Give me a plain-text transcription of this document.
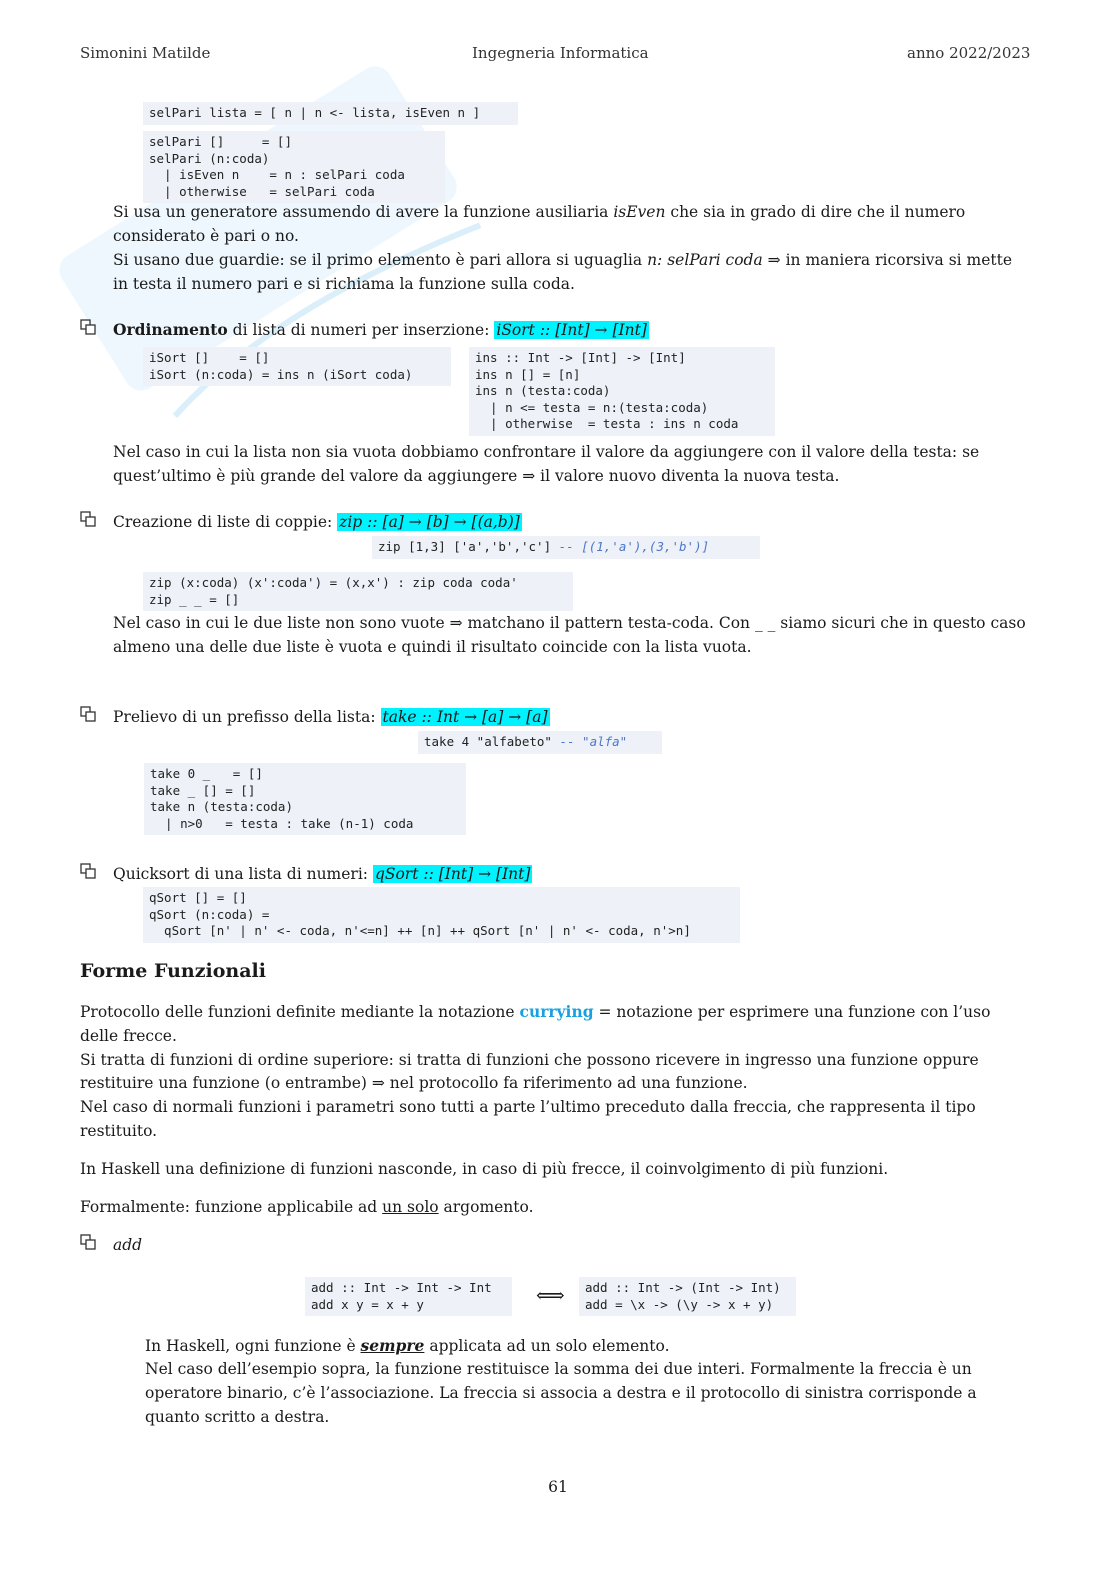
Simonini Matilde	Ingegneria Informatica	anno 2022/2023
selPari lista = [ n | n <- lista, isEven n ]
selPari []     = []
selPari (n:coda)
| isEven n    = n : selPari coda
| otherwise   = selPari coda
Si usa un generatore assumendo di avere la funzione ausiliaria isEven che sia in grado di dire che il numero
considerato è pari o no.
Si usano due guardie: se il primo elemento è pari allora si uguaglia n: selPari coda ⇒ in maniera ricorsiva si mette
in testa il numero pari e si richiama la funzione sulla coda.
Ordinamento di lista di numeri per inserzione: iSort :: [Int] → [Int]
iSort []    = []
iSort (n:coda) = ins n (iSort coda)
ins :: Int -> [Int] -> [Int]
ins n [] = [n]
ins n (testa:coda)
| n <= testa = n:(testa:coda)
| otherwise  = testa : ins n coda
Nel caso in cui la lista non sia vuota dobbiamo confrontare il valore da aggiungere con il valore della testa: se
quest’ultimo è più grande del valore da aggiungere ⇒ il valore nuovo diventa la nuova testa.
Creazione di liste di coppie: zip :: [a] → [b] → [(a,b)]
zip [1,3] ['a','b','c'] -- [(1,'a'),(3,'b')]
zip (x:coda) (x':coda') = (x,x') : zip coda coda'
zip _ _ = []
Nel caso in cui le due liste non sono vuote ⇒ matchano il pattern testa-coda. Con _ _ siamo sicuri che in questo caso
almeno una delle due liste è vuota e quindi il risultato coincide con la lista vuota.
Prelievo di un prefisso della lista: take :: Int → [a] → [a]
take 4 "alfabeto" -- "alfa"
take 0 _   = []
take _ [] = []
take n (testa:coda)
| n>0   = testa : take (n-1) coda
Quicksort di una lista di numeri: qSort :: [Int] → [Int]
qSort [] = []
qSort (n:coda) =
qSort [n' | n' <- coda, n'<=n] ++ [n] ++ qSort [n' | n' <- coda, n'>n]
Forme Funzionali
Protocollo delle funzioni definite mediante la notazione currying = notazione per esprimere una funzione con l’uso
delle frecce.
Si tratta di funzioni di ordine superiore: si tratta di funzioni che possono ricevere in ingresso una funzione oppure
restituire una funzione (o entrambe) ⇒ nel protocollo fa riferimento ad una funzione.
Nel caso di normali funzioni i parametri sono tutti a parte l’ultimo preceduto dalla freccia, che rappresenta il tipo
restituito.
In Haskell una definizione di funzioni nasconde, in caso di più frecce, il coinvolgimento di più funzioni.
Formalmente: funzione applicabile ad un solo argomento.
add
add :: Int -> Int -> Int
add x y = x + y	⟺	add :: Int -> (Int -> Int)
add = \x -> (\y -> x + y)
In Haskell, ogni funzione è sempre applicata ad un solo elemento.
Nel caso dell’esempio sopra, la funzione restituisce la somma dei due interi. Formalmente la freccia è un
operatore binario, c’è l’associazione. La freccia si associa a destra e il protocollo di sinistra corrisponde a
quanto scritto a destra.
61
